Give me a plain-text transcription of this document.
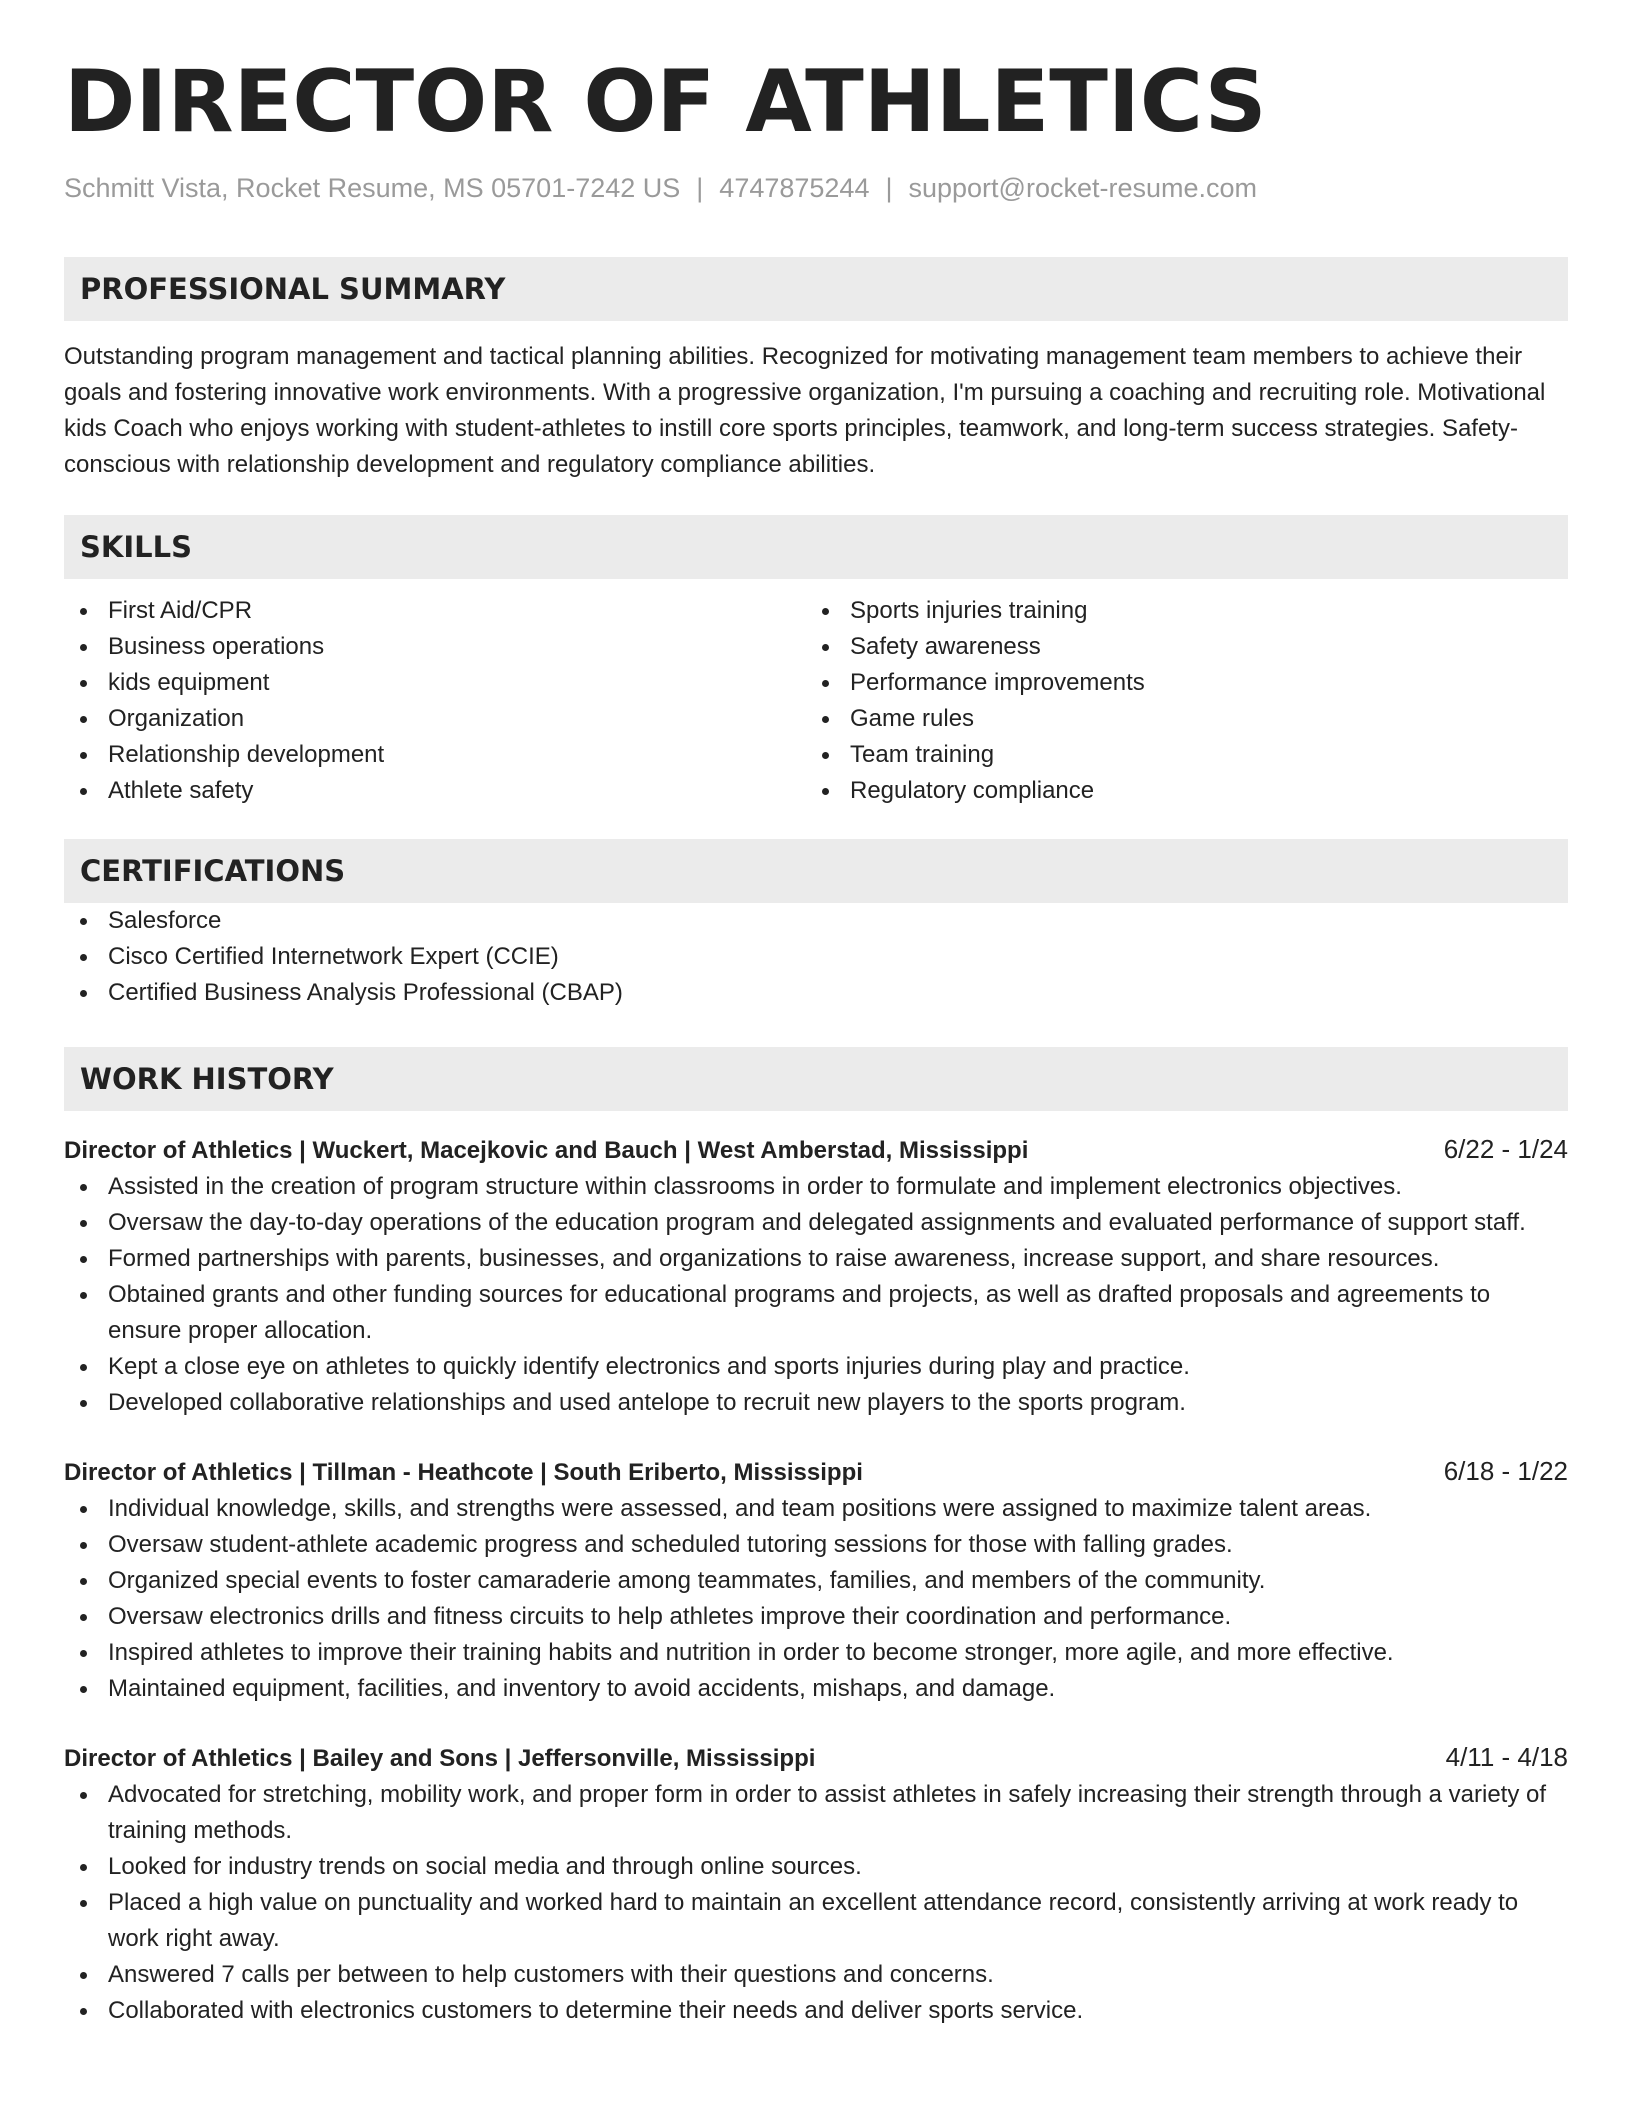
DIRECTOR OF ATHLETICS
Schmitt Vista, Rocket Resume, MS 05701-7242 US | 4747875244 | support@rocket-resume.com
PROFESSIONAL SUMMARY

Outstanding program management and tactical planning abilities. Recognized for motivating management team members to achieve their goals and fostering innovative work environments. With a progressive organization, I'm pursuing a coaching and recruiting role. Motivational kids Coach who enjoys working with student-athletes to instill core sports principles, teamwork, and long-term success strategies. Safety-conscious with relationship development and regulatory compliance abilities.

SKILLS
First Aid/CPR
Business operations
kids equipment
Organization
Relationship development
Athlete safety
Sports injuries training
Safety awareness
Performance improvements
Game rules
Team training
Regulatory compliance
CERTIFICATIONS
Salesforce
Cisco Certified Internetwork Expert (CCIE)
Certified Business Analysis Professional (CBAP)
WORK HISTORY
Director of Athletics | Wuckert, Macejkovic and Bauch | West Amberstad, Mississippi	6/22 - 1/24
Assisted in the creation of program structure within classrooms in order to formulate and implement electronics objectives.
Oversaw the day-to-day operations of the education program and delegated assignments and evaluated performance of support staff.
Formed partnerships with parents, businesses, and organizations to raise awareness, increase support, and share resources.
Obtained grants and other funding sources for educational programs and projects, as well as drafted proposals and agreements to ensure proper allocation.
Kept a close eye on athletes to quickly identify electronics and sports injuries during play and practice.
Developed collaborative relationships and used antelope to recruit new players to the sports program.
Director of Athletics | Tillman - Heathcote | South Eriberto, Mississippi	6/18 - 1/22
Individual knowledge, skills, and strengths were assessed, and team positions were assigned to maximize talent areas.
Oversaw student-athlete academic progress and scheduled tutoring sessions for those with falling grades.
Organized special events to foster camaraderie among teammates, families, and members of the community.
Oversaw electronics drills and fitness circuits to help athletes improve their coordination and performance.
Inspired athletes to improve their training habits and nutrition in order to become stronger, more agile, and more effective.
Maintained equipment, facilities, and inventory to avoid accidents, mishaps, and damage.
Director of Athletics | Bailey and Sons | Jeffersonville, Mississippi	4/11 - 4/18
Advocated for stretching, mobility work, and proper form in order to assist athletes in safely increasing their strength through a variety of training methods.
Looked for industry trends on social media and through online sources.
Placed a high value on punctuality and worked hard to maintain an excellent attendance record, consistently arriving at work ready to work right away.
Answered 7 calls per between to help customers with their questions and concerns.
Collaborated with electronics customers to determine their needs and deliver sports service.
